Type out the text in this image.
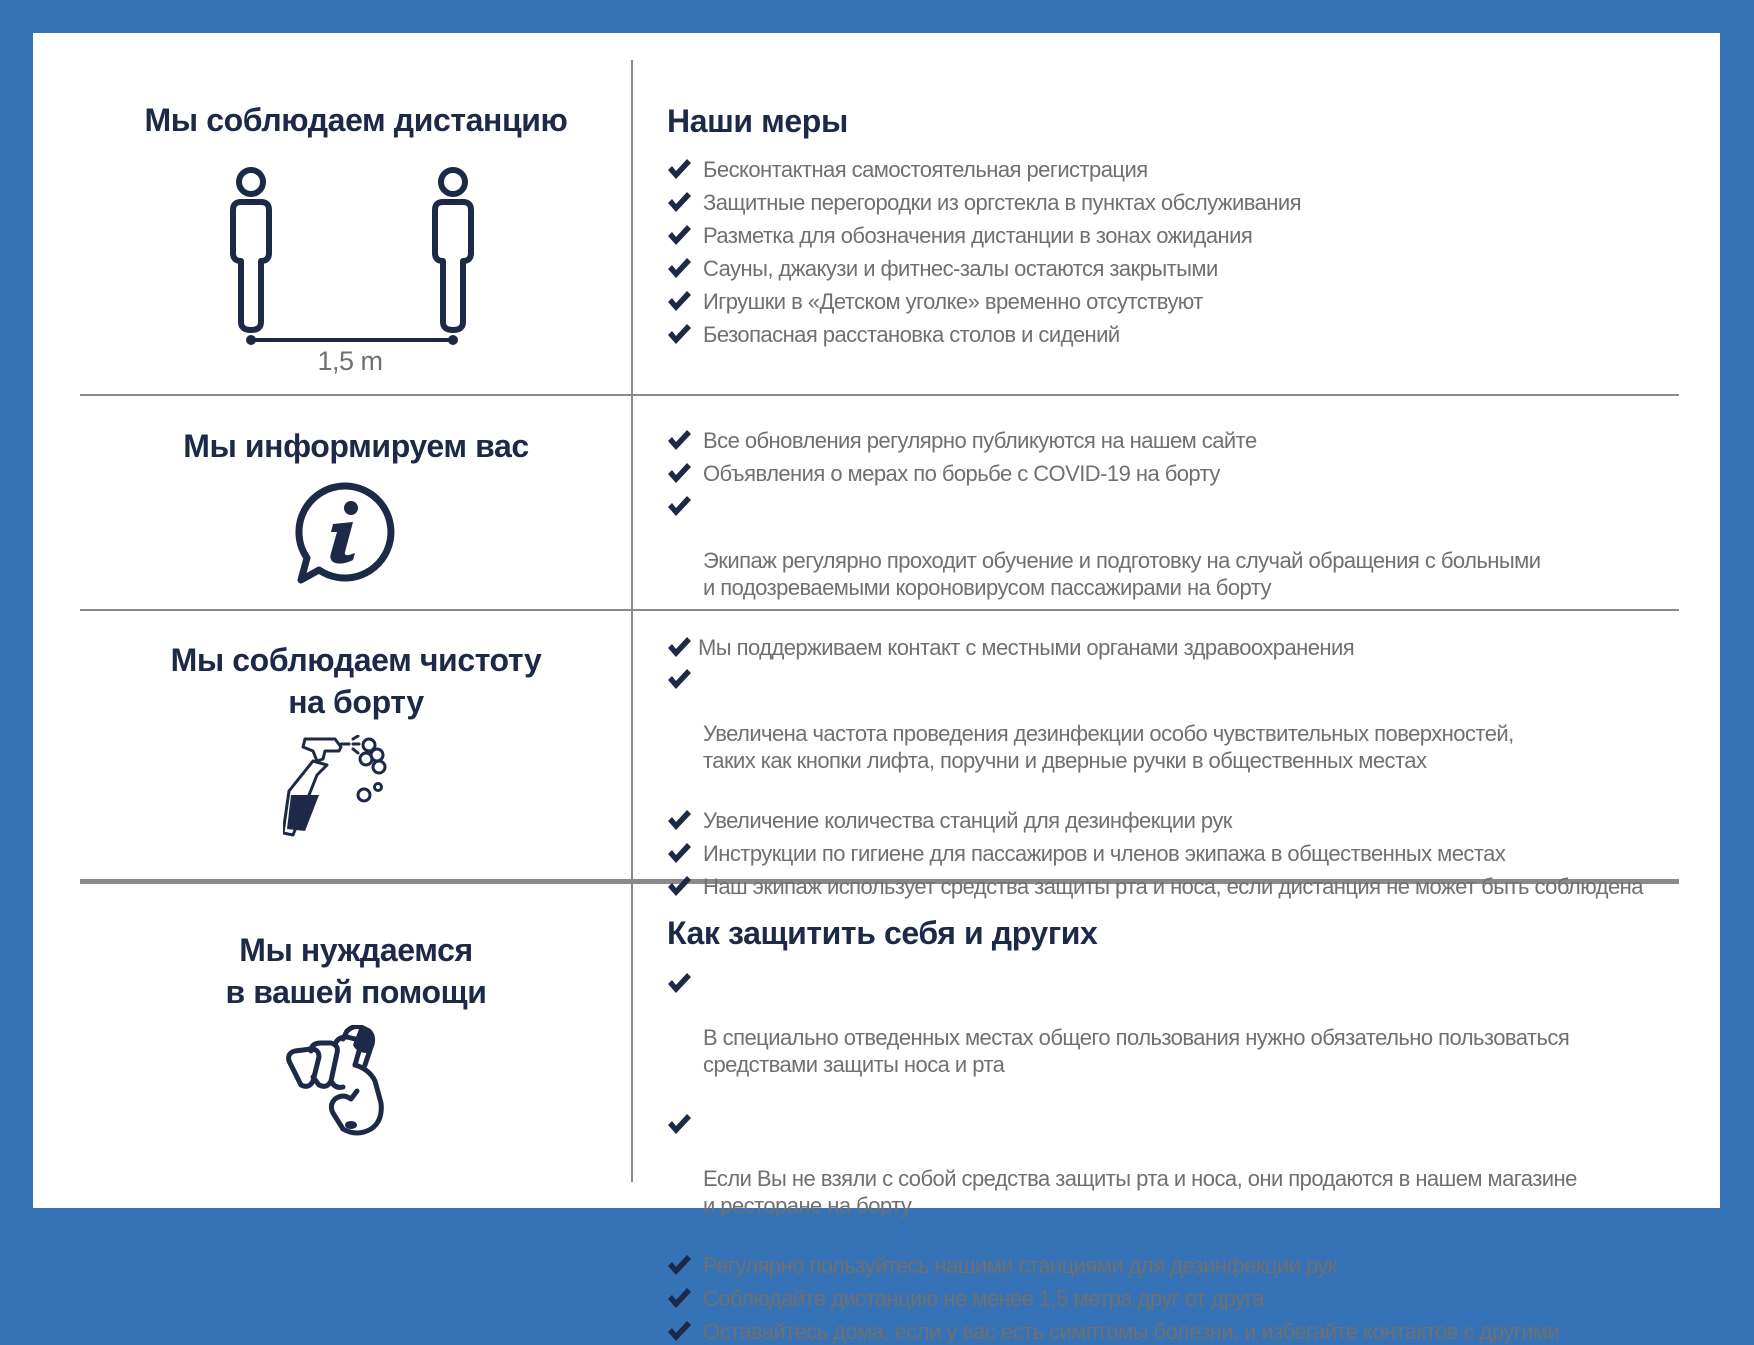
Мы соблюдаем дистанцию
1,5 m
Наши меры
Бесконтактная самостоятельная регистрация
Защитные перегородки из оргстекла в пунктах обслуживания
Разметка для обозначения дистанции в зонах ожидания
Сауны, джакузи и фитнес-залы остаются закрытыми
Игрушки в «Детском уголке» временно отсутствуют
Безопасная расстановка столов и сидений
Мы информируем вас	Все обновления регулярно публикуются на нашем сайте
Объявления о мерах по борьбе с COVID-19 на борту

Экипаж регулярно проходит обучение и подготовку на случай обращения с больными
и подозреваемыми короновирусом пассажирами на борту

Мы поддерживаем контакт с местными органами здравоохранения
Мы соблюдаем чистоту
на борту

Увеличена частота проведения дезинфекции особо чувствительных поверхностей,
таких как кнопки лифта, поручни и дверные ручки в общественных местах

Увеличение количества станций для дезинфекции рук
Инструкции по гигиене для пассажиров и членов экипажа в общественных местах
Наш экипаж использует средства защиты рта и носа, если дистанция не может быть соблюдена
Мы нуждаемся
в вашей помощи
Как защитить себя и других

В специально отведенных местах общего пользования нужно обязательно пользоваться
средствами защиты носа и рта

Если Вы не взяли с собой средства защиты рта и носа, они продаются в нашем магазине
и ресторане на борту

Регулярно пользуйтесь нашими станциями для дезинфекции рук
Соблюдайте дистанцию не менее 1,5 метра друг от друга
Оставайтесь дома, если у вас есть симптомы болезни, и избегайте контактов с другими
